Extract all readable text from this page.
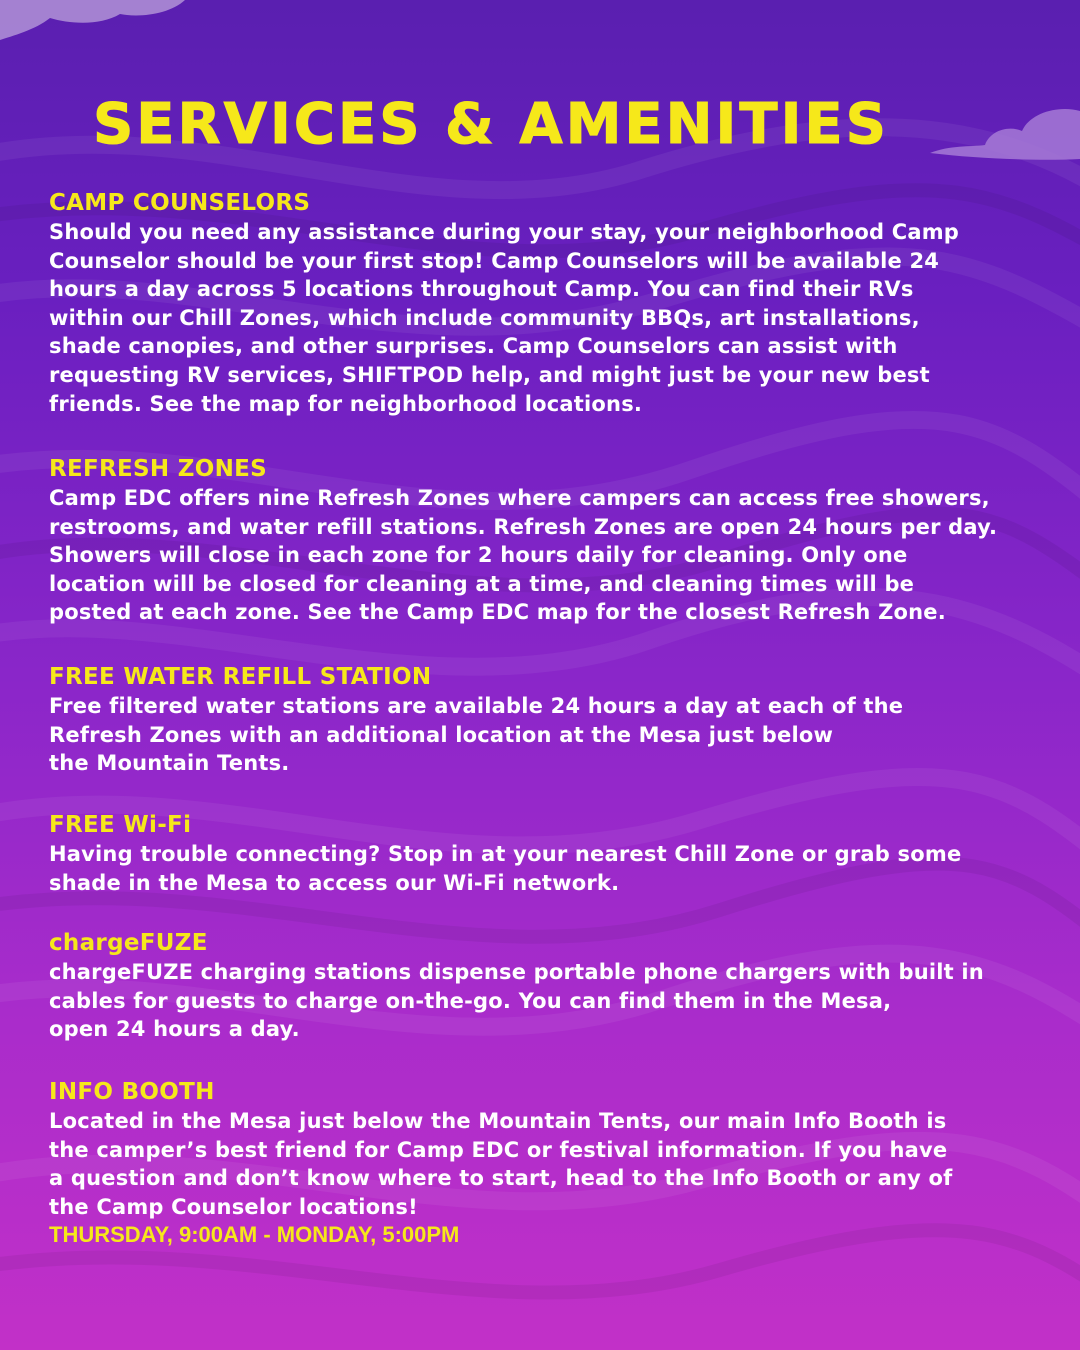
SERVICES & AMENITIES
CAMP COUNSELORS
Should you need any assistance during your stay, your neighborhood Camp
Counselor should be your first stop! Camp Counselors will be available 24
hours a day across 5 locations throughout Camp. You can find their RVs
within our Chill Zones, which include community BBQs, art installations,
shade canopies, and other surprises. Camp Counselors can assist with
requesting RV services, SHIFTPOD help, and might just be your new best
friends. See the map for neighborhood locations.
REFRESH ZONES
Camp EDC offers nine Refresh Zones where campers can access free showers,
restrooms, and water refill stations. Refresh Zones are open 24 hours per day.
Showers will close in each zone for 2 hours daily for cleaning. Only one
location will be closed for cleaning at a time, and cleaning times will be
posted at each zone. See the Camp EDC map for the closest Refresh Zone.
FREE WATER REFILL STATION
Free filtered water stations are available 24 hours a day at each of the
Refresh Zones with an additional location at the Mesa just below
the Mountain Tents.
FREE Wi-Fi
Having trouble connecting? Stop in at your nearest Chill Zone or grab some
shade in the Mesa to access our Wi-Fi network.
chargeFUZE
chargeFUZE charging stations dispense portable phone chargers with built in
cables for guests to charge on-the-go. You can find them in the Mesa,
open 24 hours a day.
INFO BOOTH
Located in the Mesa just below the Mountain Tents, our main Info Booth is
the camper’s best friend for Camp EDC or festival information. If you have
a question and don’t know where to start, head to the Info Booth or any of
the Camp Counselor locations!
THURSDAY, 9:00AM - MONDAY, 5:00PM
